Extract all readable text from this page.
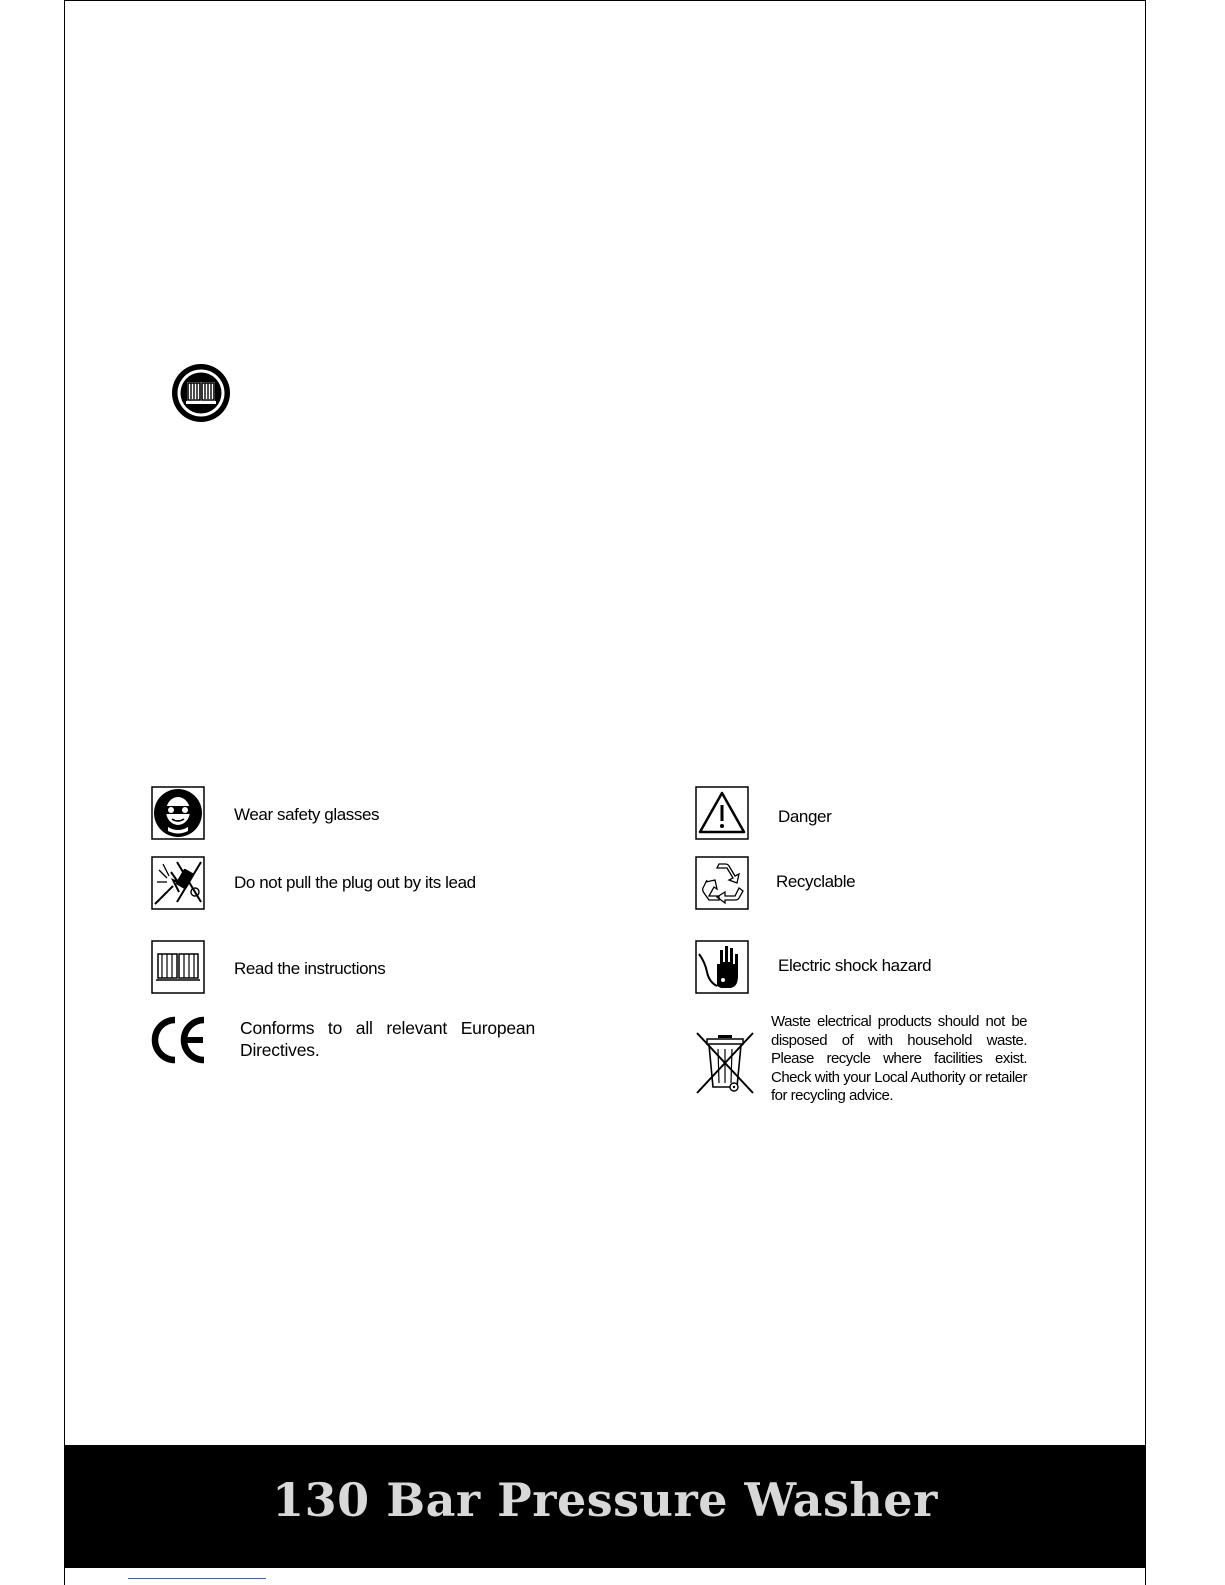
Wear safety glasses
Do not pull the plug out by its lead
Read the instructions
Conforms to all relevant European Directives.
Danger
Recyclable
Electric shock hazard
Waste electrical products should not be disposed of with household waste. Please recycle where facilities exist. Check with your Local Authority or retailer for recycling advice.
130 Bar Pressure Washer
